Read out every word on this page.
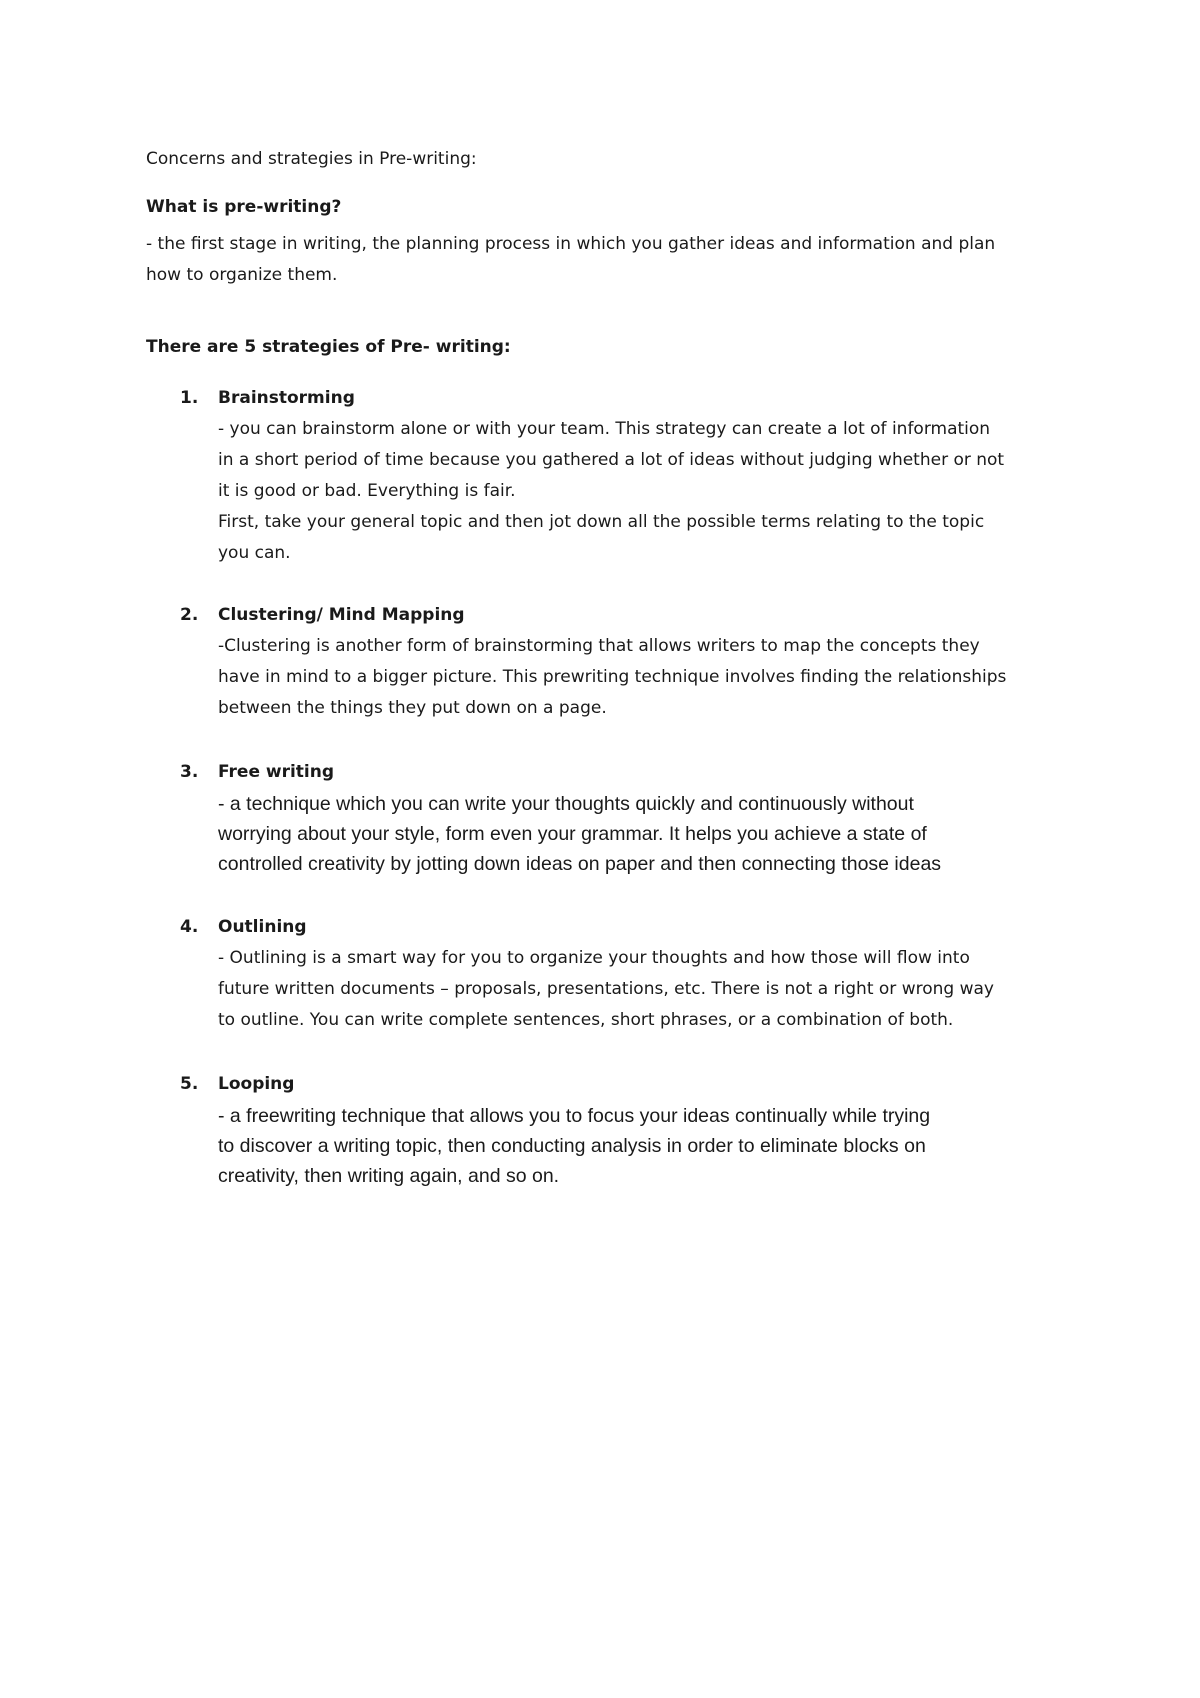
Concerns and strategies in Pre-writing:
What is pre-writing?
- the first stage in writing, the planning process in which you gather ideas and information and plan
how to organize them.
There are 5 strategies of Pre- writing:
1. Brainstorming
- you can brainstorm alone or with your team. This strategy can create a lot of information
in a short period of time because you gathered a lot of ideas without judging whether or not
it is good or bad. Everything is fair.
First, take your general topic and then jot down all the possible terms relating to the topic
you can.
2. Clustering/ Mind Mapping
-Clustering is another form of brainstorming that allows writers to map the concepts they
have in mind to a bigger picture. This prewriting technique involves finding the relationships
between the things they put down on a page.
3. Free writing
- a technique which you can write your thoughts quickly and continuously without
worrying about your style, form even your grammar. It helps you achieve a state of
controlled creativity by jotting down ideas on paper and then connecting those ideas
4. Outlining
- Outlining is a smart way for you to organize your thoughts and how those will flow into
future written documents – proposals, presentations, etc. There is not a right or wrong way
to outline. You can write complete sentences, short phrases, or a combination of both.
5. Looping
- a freewriting technique that allows you to focus your ideas continually while trying
to discover a writing topic, then conducting analysis in order to eliminate blocks on
creativity, then writing again, and so on.
